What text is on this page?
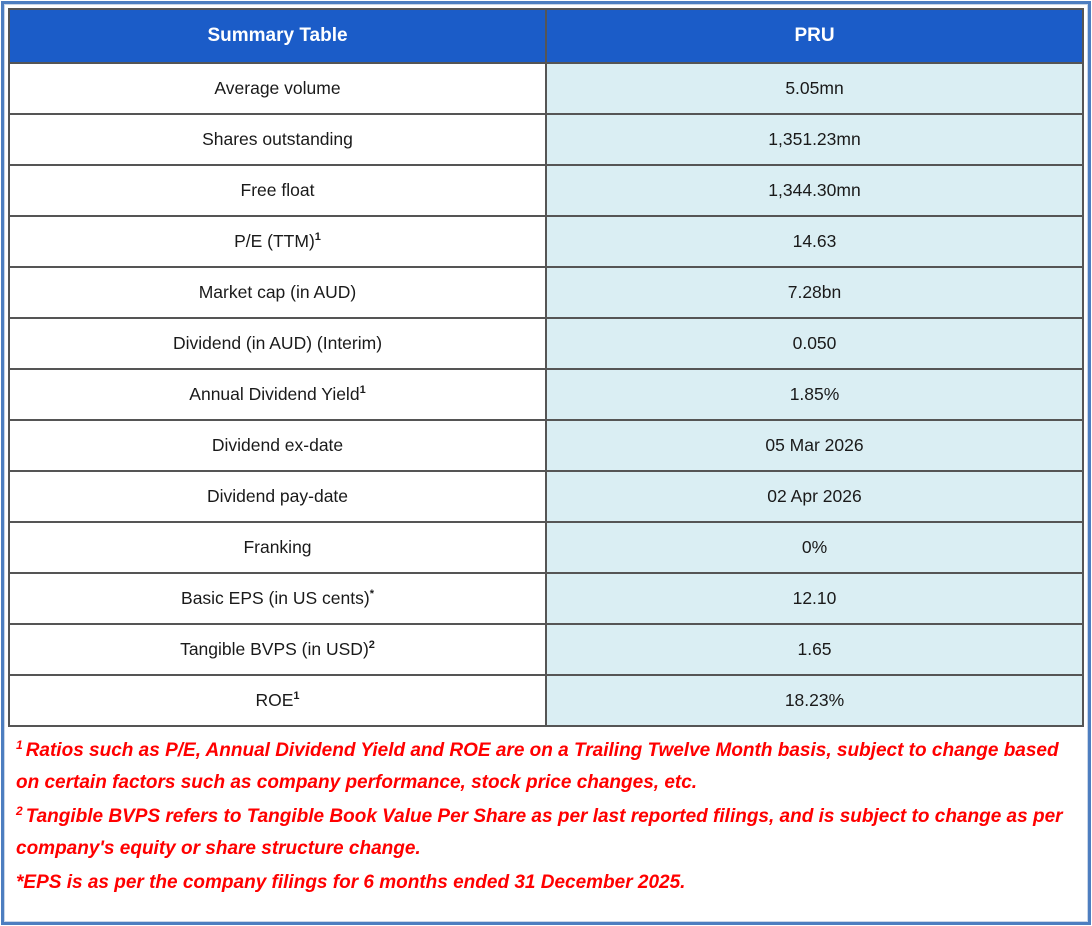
Summary Table	PRU
Average volume	5.05mn
Shares outstanding	1,351.23mn
Free float	1,344.30mn
P/E (TTM)$^1$	14.63
Market cap (in AUD)	7.28bn
Dividend (in AUD) (Interim)	0.050
Annual Dividend Yield$^1$	1.85%
Dividend ex-date	05 Mar 2026
Dividend pay-date	02 Apr 2026
Franking	0%
Basic EPS (in US cents)*	12.10
Tangible BVPS (in USD)$^2$	1.65
ROE$^1$	18.23%
$^1$ Ratios such as P/E, Annual Dividend Yield and ROE are on a Trailing Twelve Month basis, subject to change based on certain factors such as company performance, stock price changes, etc.
$^2$ Tangible BVPS refers to Tangible Book Value Per Share as per last reported filings, and is subject to change as per company's equity or share structure change.
*EPS is as per the company filings for 6 months ended 31 December 2025.
